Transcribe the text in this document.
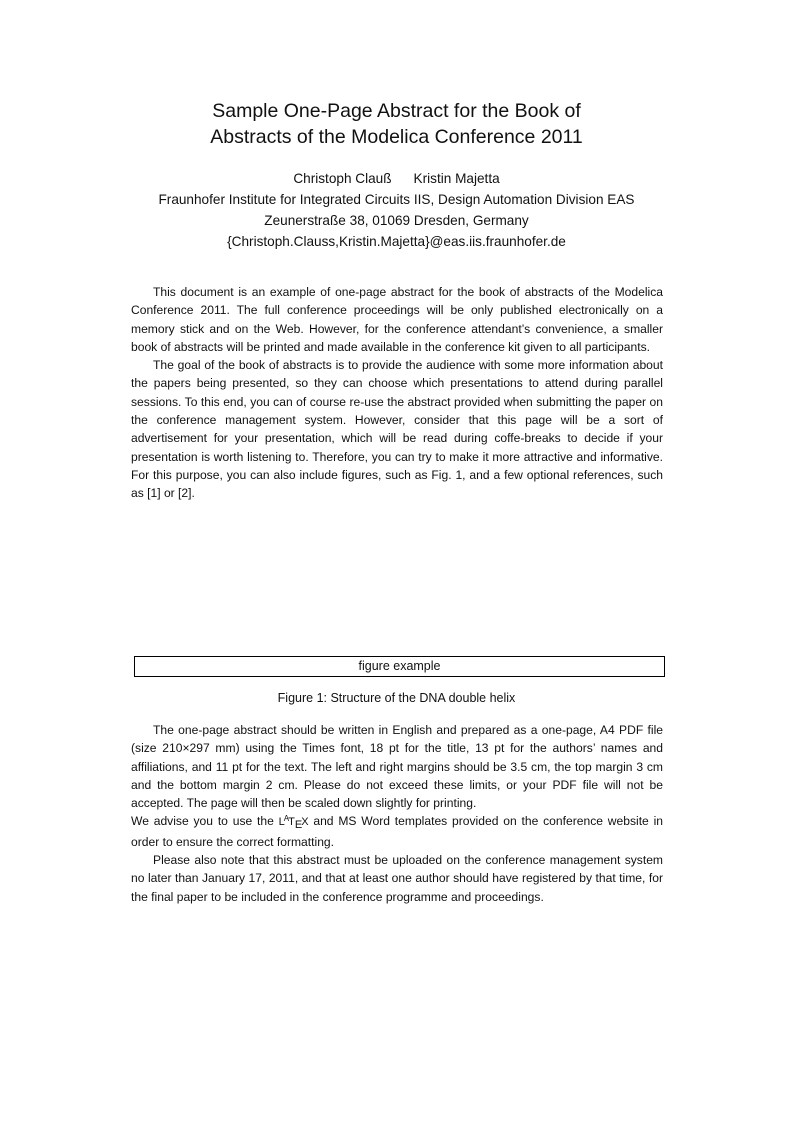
Sample One-Page Abstract for the Book of
Abstracts of the Modelica Conference 2011
Christoph Clauß Kristin Majetta
Fraunhofer Institute for Integrated Circuits IIS, Design Automation Division EAS
Zeunerstraße 38, 01069 Dresden, Germany
{Christoph.Clauss,Kristin.Majetta}@eas.iis.fraunhofer.de

This document is an example of one-page abstract for the book of abstracts of the Modelica Conference 2011. The full conference proceedings will be only published electronically on a memory stick and on the Web. However, for the conference attendant’s convenience, a smaller book of abstracts will be printed and made available in the conference kit given to all participants.

The goal of the book of abstracts is to provide the audience with some more information about the papers being presented, so they can choose which presentations to attend during parallel sessions. To this end, you can of course re-use the abstract provided when submitting the paper on the conference management system. However, consider that this page will be a sort of advertisement for your presentation, which will be read during coffe-breaks to decide if your presentation is worth listening to. Therefore, you can try to make it more attractive and informative. For this purpose, you can also include figures, such as Fig. 1, and a few optional references, such as [1] or [2].

figure example
Figure 1: Structure of the DNA double helix

The one-page abstract should be written in English and prepared as a one-page, A4 PDF file (size 210×297 mm) using the Times font, 18 pt for the title, 13 pt for the authors’ names and affiliations, and 11 pt for the text. The left and right margins should be 3.5 cm, the top margin 3 cm and the bottom margin 2 cm. Please do not exceed these limits, or your PDF file will not be accepted. The page will then be scaled down slightly for printing.

We advise you to use the $L^AT_EX$ and MS Word templates provided on the conference website in order to ensure the correct formatting.

Please also note that this abstract must be uploaded on the conference management system no later than January 17, 2011, and that at least one author should have registered by that time, for the final paper to be included in the conference programme and proceedings.
